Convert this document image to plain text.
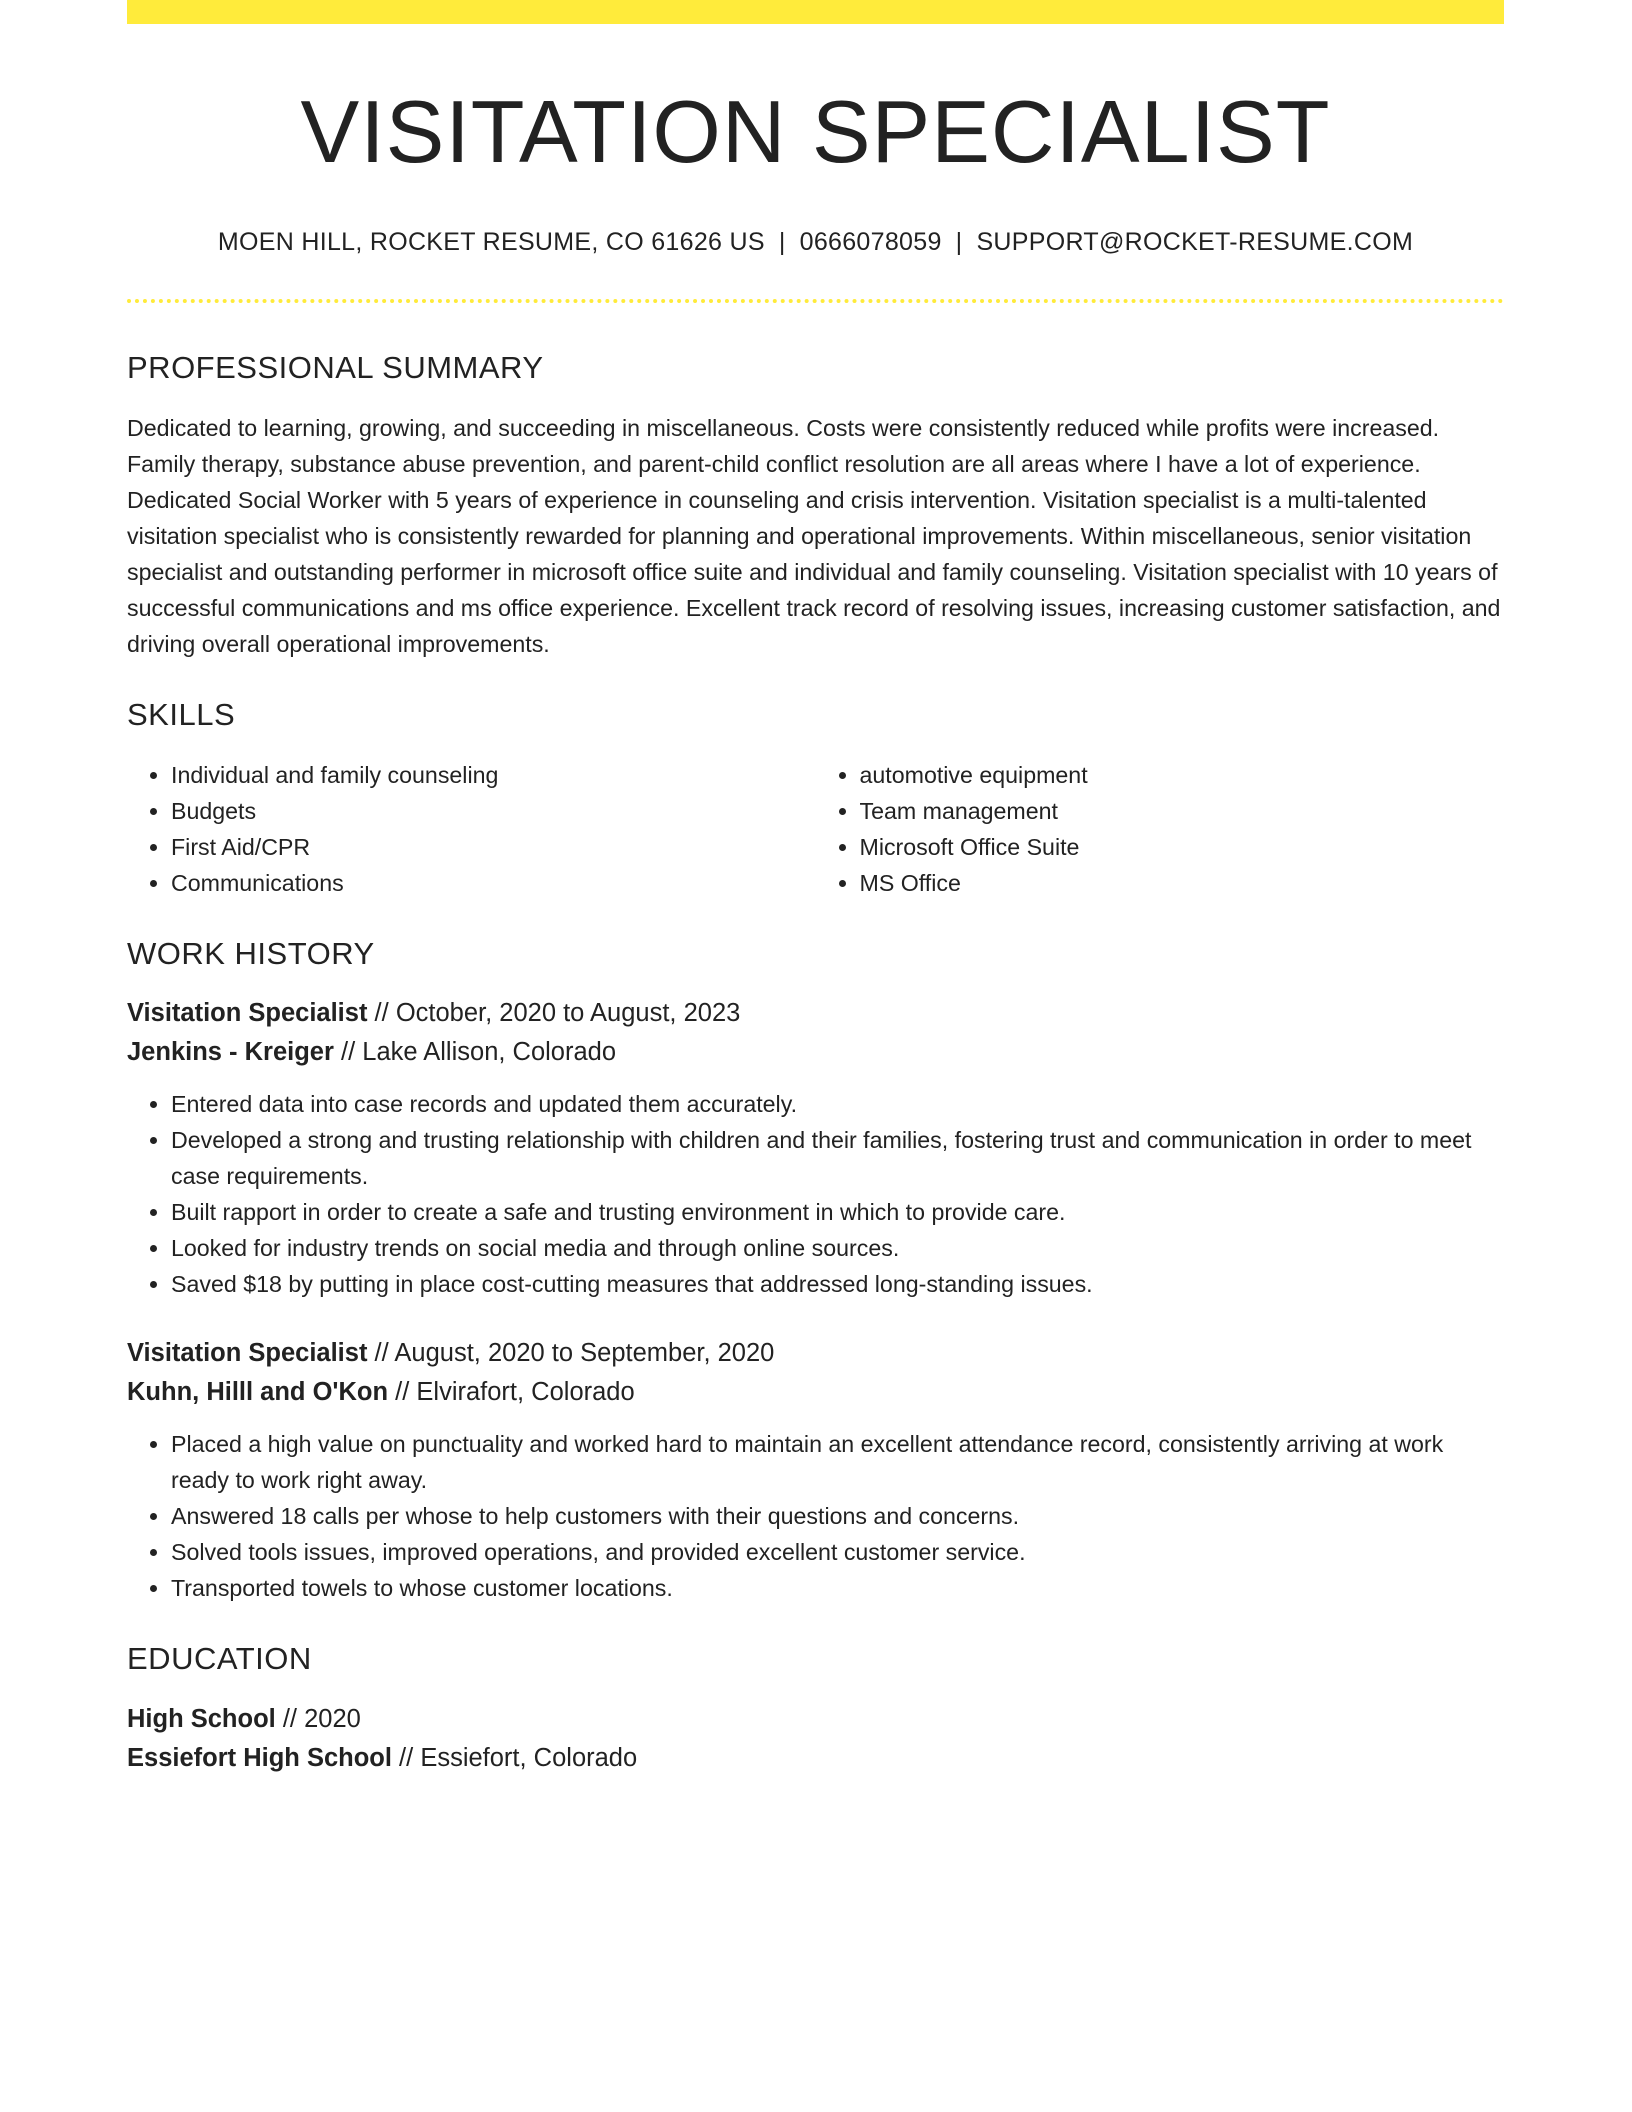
VISITATION SPECIALIST
MOEN HILL, ROCKET RESUME, CO 61626 US | 0666078059 | SUPPORT@ROCKET-RESUME.COM
PROFESSIONAL SUMMARY

Dedicated to learning, growing, and succeeding in miscellaneous. Costs were consistently reduced while profits were increased. Family therapy, substance abuse prevention, and parent-child conflict resolution are all areas where I have a lot of experience. Dedicated Social Worker with 5 years of experience in counseling and crisis intervention. Visitation specialist is a multi-talented visitation specialist who is consistently rewarded for planning and operational improvements. Within miscellaneous, senior visitation specialist and outstanding performer in microsoft office suite and individual and family counseling. Visitation specialist with 10 years of successful communications and ms office experience. Excellent track record of resolving issues, increasing customer satisfaction, and driving overall operational improvements.

SKILLS
• Individual and family counseling
• Budgets
• First Aid/CPR
• Communications
• automotive equipment
• Team management
• Microsoft Office Suite
• MS Office
WORK HISTORY
Visitation Specialist // October, 2020 to August, 2023
Jenkins - Kreiger // Lake Allison, Colorado
• Entered data into case records and updated them accurately.
• Developed a strong and trusting relationship with children and their families, fostering trust and communication in order to meet case requirements.
• Built rapport in order to create a safe and trusting environment in which to provide care.
• Looked for industry trends on social media and through online sources.
• Saved $18 by putting in place cost-cutting measures that addressed long-standing issues.
Visitation Specialist // August, 2020 to September, 2020
Kuhn, Hilll and O'Kon // Elvirafort, Colorado
• Placed a high value on punctuality and worked hard to maintain an excellent attendance record, consistently arriving at work ready to work right away.
• Answered 18 calls per whose to help customers with their questions and concerns.
• Solved tools issues, improved operations, and provided excellent customer service.
• Transported towels to whose customer locations.
EDUCATION
High School // 2020
Essiefort High School // Essiefort, Colorado
